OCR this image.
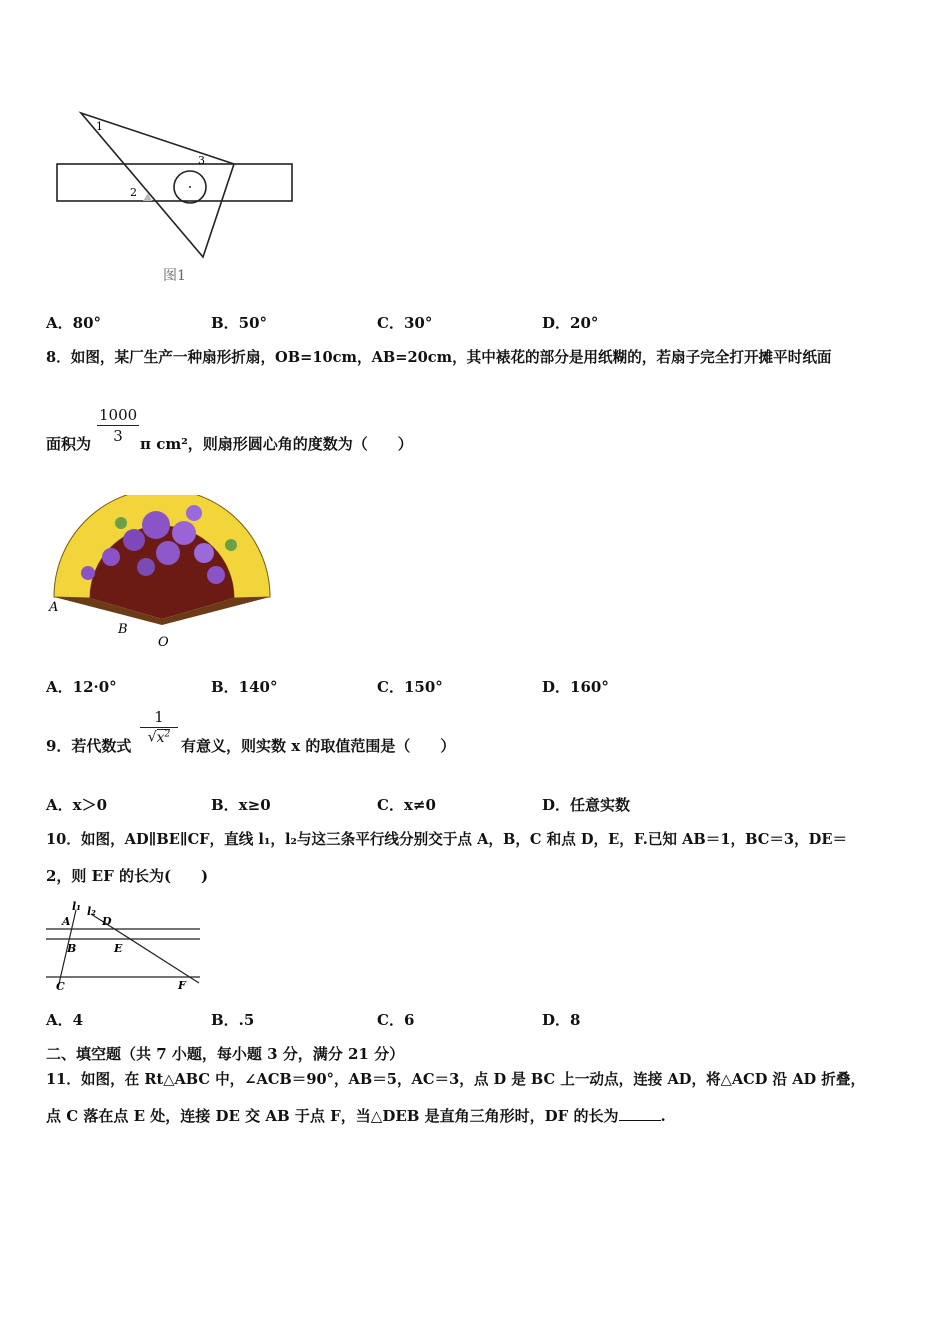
1
2
3
图1
A．80°	B．50°	C．30°	D．20°
8．如图，某厂生产一种扇形折扇，OB=10cm，AB=20cm，其中裱花的部分是用纸糊的，若扇子完全打开摊平时纸面
面积为
1000
3	π cm²，则扇形圆心角的度数为（　　）
A
B
O
A．12·0°	B．140°	C．150°	D．160°
9．若代数式
1
$√x^2$
有意义，则实数 x 的取值范围是（　　）
A．x＞0	B．x≥0	C．x≠0	D．任意实数
10．如图，AD∥BE∥CF，直线 l₁，l₂与这三条平行线分别交于点 A，B，C 和点 D，E，F.已知 AB＝1，BC＝3，DE＝
2，则 EF 的长为(　　)
l₁ l₂
A	D
B	E
C	F
A．4	B．.5	C．6	D．8
二、填空题（共 7 小题，每小题 3 分，满分 21 分）
11．如图，在 Rt△ABC 中，∠ACB＝90°，AB＝5，AC＝3，点 D 是 BC 上一动点，连接 AD，将△ACD 沿 AD 折叠，
点 C 落在点 E 处，连接 DE 交 AB 于点 F，当△DEB 是直角三角形时，DF 的长为	.
